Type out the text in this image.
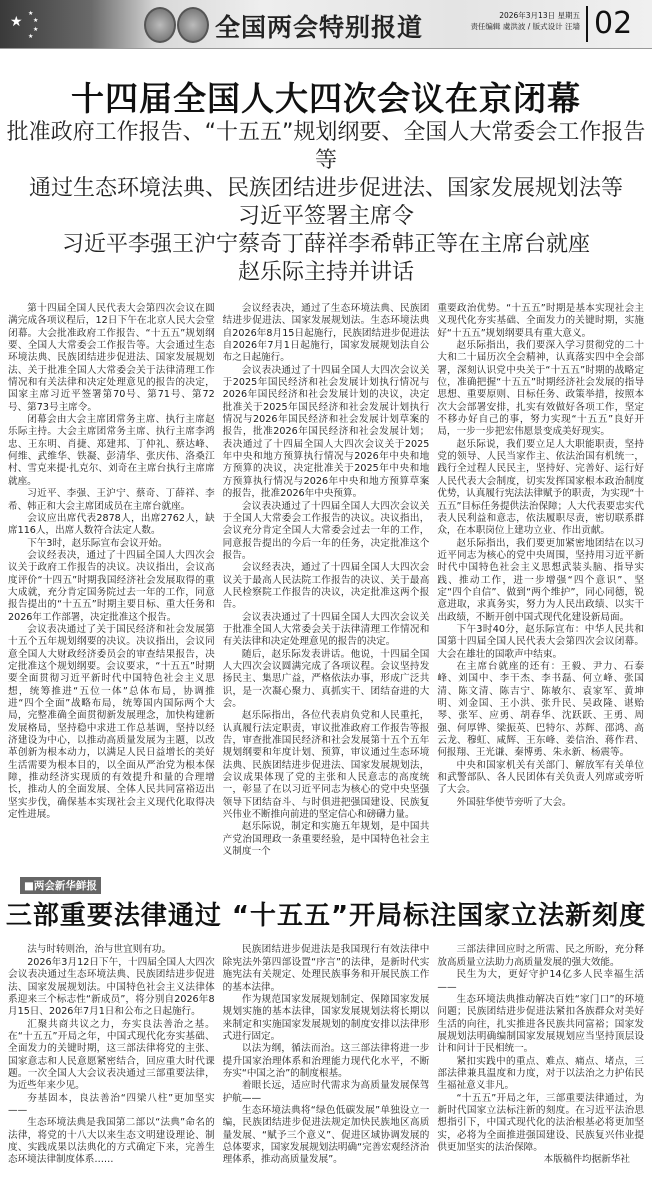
★
★
★
★
★	全国两会特别报道	2026年3月13日 星期五
责任编辑 虞洪波 / 版式设计 汪墙 02
十四届全国人大四次会议在京闭幕
批准政府工作报告、“十五五”规划纲要、全国人大常委会工作报告等
通过生态环境法典、民族团结进步促进法、国家发展规划法等
习近平签署主席令
习近平李强王沪宁蔡奇丁薛祥李希韩正等在主席台就座
赵乐际主持并讲话

第十四届全国人民代表大会第四次会议在圆满完成各项议程后，12日下午在北京人民大会堂闭幕。大会批准政府工作报告、“十五五”规划纲要、全国人大常委会工作报告等。大会通过生态环境法典、民族团结进步促进法、国家发展规划法、关于批准全国人大常委会关于法律清理工作情况和有关法律和决定处理意见的报告的决定，国家主席习近平签署第70号、第71号、第72号、第73号主席令。

闭幕会由大会主席团常务主席、执行主席赵乐际主持。大会主席团常务主席、执行主席李鸿忠、王东明、肖捷、郑建邦、丁仲礼、蔡达峰、何维、武维华、铁凝、彭清华、张庆伟、洛桑江村、雪克来提·扎克尔、刘奇在主席台执行主席席就座。

习近平、李强、王沪宁、蔡奇、丁薛祥、李希、韩正和大会主席团成员在主席台就座。

会议应出席代表2878人，出席2762人，缺席116人，出席人数符合法定人数。

下午3时，赵乐际宣布会议开始。

会议经表决，通过了十四届全国人大四次会议关于政府工作报告的决议。决议指出，会议高度评价“十四五”时期我国经济社会发展取得的重大成就，充分肯定国务院过去一年的工作，同意报告提出的“十五五”时期主要目标、重大任务和2026年工作部署，决定批准这个报告。

会议表决通过了关于国民经济和社会发展第十五个五年规划纲要的决议。决议指出，会议同意全国人大财政经济委员会的审查结果报告，决定批准这个规划纲要。会议要求，“十五五”时期要全面贯彻习近平新时代中国特色社会主义思想，统筹推进“五位一体”总体布局，协调推进“四个全面”战略布局，统筹国内国际两个大局，完整准确全面贯彻新发展理念，加快构建新发展格局，坚持稳中求进工作总基调，坚持以经济建设为中心，以推动高质量发展为主题，以改革创新为根本动力，以满足人民日益增长的美好生活需要为根本目的，以全面从严治党为根本保障，推动经济实现质的有效提升和量的合理增长，推动人的全面发展、全体人民共同富裕迈出坚实步伐，确保基本实现社会主义现代化取得决定性进展。

会议经表决，通过了生态环境法典、民族团结进步促进法、国家发展规划法。生态环境法典自2026年8月15日起施行，民族团结进步促进法自2026年7月1日起施行，国家发展规划法自公布之日起施行。

会议表决通过了十四届全国人大四次会议关于2025年国民经济和社会发展计划执行情况与2026年国民经济和社会发展计划的决议，决定批准关于2025年国民经济和社会发展计划执行情况与2026年国民经济和社会发展计划草案的报告，批准2026年国民经济和社会发展计划；表决通过了十四届全国人大四次会议关于2025年中央和地方预算执行情况与2026年中央和地方预算的决议，决定批准关于2025年中央和地方预算执行情况与2026年中央和地方预算草案的报告，批准2026年中央预算。

会议表决通过了十四届全国人大四次会议关于全国人大常委会工作报告的决议。决议指出，会议充分肯定全国人大常委会过去一年的工作，同意报告提出的今后一年的任务，决定批准这个报告。

会议经表决，通过了十四届全国人大四次会议关于最高人民法院工作报告的决议、关于最高人民检察院工作报告的决议，决定批准这两个报告。

会议表决通过了十四届全国人大四次会议关于批准全国人大常委会关于法律清理工作情况和有关法律和决定处理意见的报告的决定。

随后，赵乐际发表讲话。他说，十四届全国人大四次会议圆满完成了各项议程。会议坚持发扬民主、集思广益，严格依法办事，形成广泛共识，是一次凝心聚力、真抓实干、团结奋进的大会。

赵乐际指出，各位代表肩负党和人民重托，认真履行法定职责，审议批准政府工作报告等报告，审查批准国民经济和社会发展第十五个五年规划纲要和年度计划、预算，审议通过生态环境法典、民族团结进步促进法、国家发展规划法，会议成果体现了党的主张和人民意志的高度统一，彰显了在以习近平同志为核心的党中央坚强领导下团结奋斗、与时俱进把强国建设、民族复兴伟业不断推向前进的坚定信心和磅礴力量。

赵乐际说，制定和实施五年规划，是中国共产党治国理政一条重要经验，是中国特色社会主义制度一个

重要政治优势。“十五五”时期是基本实现社会主义现代化夯实基础、全面发力的关键时期，实施好“十五五”规划纲要具有重大意义。

赵乐际指出，我们要深入学习贯彻党的二十大和二十届历次全会精神，认真落实四中全会部署，深刻认识党中央关于“十五五”时期的战略定位，准确把握“十五五”时期经济社会发展的指导思想、重要原则、目标任务、政策举措，按照本次大会部署安排，扎实有效做好各项工作，坚定不移办好自己的事，努力实现“十五五”良好开局，一步一步把宏伟愿景变成美好现实。

赵乐际说，我们要立足人大职能职责，坚持党的领导、人民当家作主、依法治国有机统一，践行全过程人民民主，坚持好、完善好、运行好人民代表大会制度，切实发挥国家根本政治制度优势，认真履行宪法法律赋予的职责，为实现“十五五”目标任务提供法治保障；人大代表要忠实代表人民利益和意志，依法履职尽责，密切联系群众，在本职岗位上建功立业、作出贡献。

赵乐际指出，我们要更加紧密地团结在以习近平同志为核心的党中央周围，坚持用习近平新时代中国特色社会主义思想武装头脑、指导实践、推动工作，进一步增强“四个意识”、坚定“四个自信”、做到“两个维护”，同心同德，锐意进取，求真务实，努力为人民出政绩、以实干出政绩，不断开创中国式现代化建设新局面。

下午3时40分，赵乐际宣布：中华人民共和国第十四届全国人民代表大会第四次会议闭幕。大会在雄壮的国歌声中结束。

在主席台就座的还有：王毅、尹力、石泰峰、刘国中、李干杰、李书磊、何立峰、张国清、陈文清、陈吉宁、陈敏尔、袁家军、黄坤明、刘金国、王小洪、张升民、吴政隆、谌贻琴、张军、应勇、胡春华、沈跃跃、王勇、周强、何厚铧、梁振英、巴特尔、苏辉、邵鸿、高云龙、穆虹、咸辉、王东峰、姜信治、蒋作君、何报翔、王光谦、秦博勇、朱永新、杨震等。

中央和国家机关有关部门、解放军有关单位和武警部队、各人民团体有关负责人列席或旁听了大会。

外国驻华使节旁听了大会。

■两会新华鲜报
三部重要法律通过 “十五五”开局标注国家立法新刻度

法与时转则治，治与世宜则有功。

2026年3月12日下午，十四届全国人大四次会议表决通过生态环境法典、民族团结进步促进法、国家发展规划法。中国特色社会主义法律体系迎来三个标志性“新成员”，将分别自2026年8月15日、2026年7月1日和公布之日起施行。

汇聚共商共议之力，夯实良法善治之基。在“十五五”开局之年，中国式现代化夯实基础、全面发力的关键时期，这三部法律将党的主张、国家意志和人民意愿紧密结合，回应重大时代课题。一次全国人大会议表决通过三部重要法律，为近些年来少见。

夯基固本，良法善治“四梁八柱”更加坚实——

生态环境法典是我国第二部以“法典”命名的法律，将党的十八大以来生态文明建设理论、制度、实践成果以法典化的方式确定下来，完善生态环境法律制度体系……

民族团结进步促进法是我国现行有效法律中除宪法外第四部设置“序言”的法律，是新时代实施宪法有关规定、处理民族事务和开展民族工作的基本法律。

作为规范国家发展规划制定、保障国家发展规划实施的基本法律，国家发展规划法将长期以来制定和实施国家发展规划的制度安排以法律形式进行固定。

以法为纲，循法而治。这三部法律将进一步提升国家治理体系和治理能力现代化水平，不断夯实“中国之治”的制度根基。

着眼长远，适应时代需求为高质量发展保驾护航——

生态环境法典将“绿色低碳发展”单独设立一编，民族团结进步促进法规定加快民族地区高质量发展、“赋予三个意义”、促进区域协调发展的总体要求，国家发展规划法明确“完善宏观经济治理体系，推动高质量发展”。

三部法律回应时之所需、民之所盼，充分释放高质量立法助力高质量发展的强大效能。

民生为大，更好守护14亿多人民幸福生活——

生态环境法典推动解决百姓“家门口”的环境问题；民族团结进步促进法紧扣各族群众对美好生活的向往，扎实推进各民族共同富裕；国家发展规划法明确编制国家发展规划应当坚持顶层设计和问计于民相统一。

紧扣实践中的重点、难点、痛点、堵点，三部法律兼具温度和力度，对于以法治之力护佑民生福祉意义非凡。

“十五五”开局之年，三部重要法律通过，为新时代国家立法标注新的刻度。在习近平法治思想指引下，中国式现代化的法治根基必将更加坚实，必将为全面推进强国建设、民族复兴伟业提供更加坚实的法治保障。

本版稿件均据新华社
